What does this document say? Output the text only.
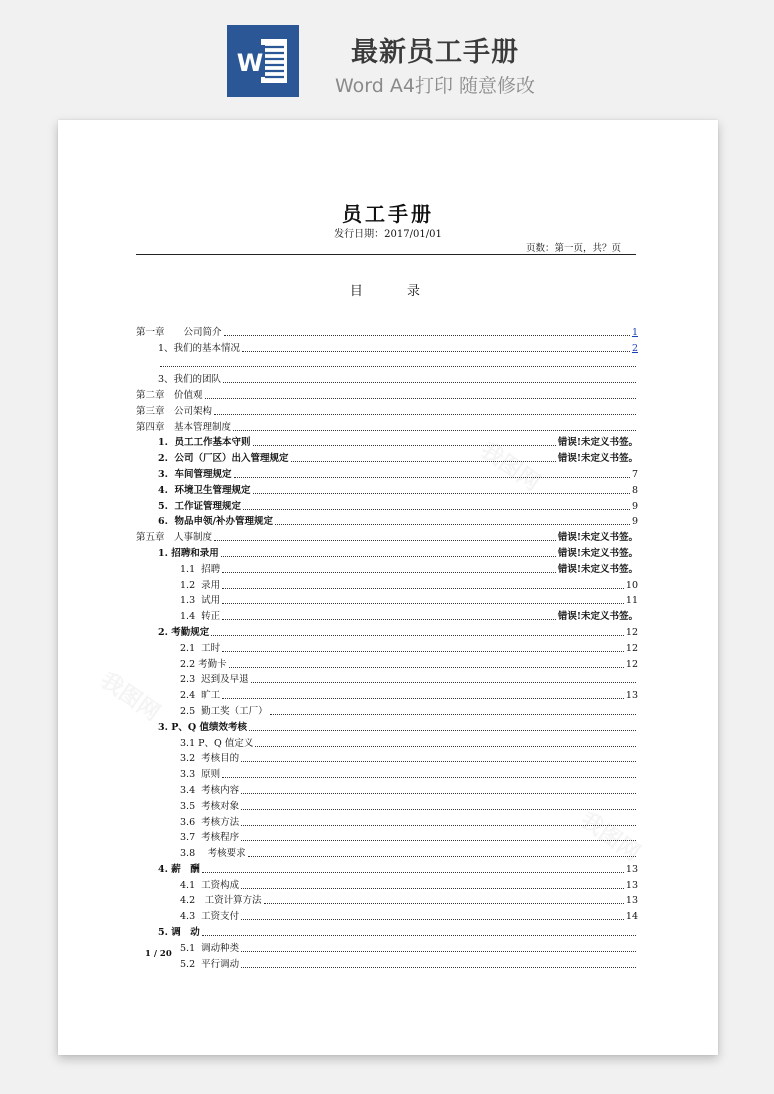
W	最新员工手册
Word A4打印 随意修改
我图网
我图网
我图网
员工手册
发行日期：2017/01/01
页数：第一页，共？页
目 录
第一章　　公司简介	1
1、我们的基本情况	2
3、我们的团队
第二章　价值观
第三章　公司架构
第四章　基本管理制度
1.  员工工作基本守则	错误!未定义书签。
2.  公司（厂区）出入管理规定	错误!未定义书签。
3.  车间管理规定	7
4.  环境卫生管理规定	8
5.  工作证管理规定	9
6.  物品申领/补办管理规定	9
第五章　人事制度	错误!未定义书签。
1. 招聘和录用	错误!未定义书签。
1.1  招聘	错误!未定义书签。
1.2  录用	10
1.3  试用	11
1.4  转正	错误!未定义书签。
2. 考勤规定	12
2.1  工时	12
2.2 考勤卡	12
2.3  迟到及早退
2.4  旷工	13
2.5  勤工奖（工厂）
3. P、Q 值绩效考核
3.1 P、Q 值定义
3.2  考核目的
3.3  原则
3.4  考核内容
3.5  考核对象
3.6  考核方法
3.7  考核程序
3.8　 考核要求
4. 薪　酬	13
4.1  工资构成	13
4.2　工资计算方法	13
4.3  工资支付	14
5. 调　动
5.1  调动种类
5.2  平行调动
1 / 20
